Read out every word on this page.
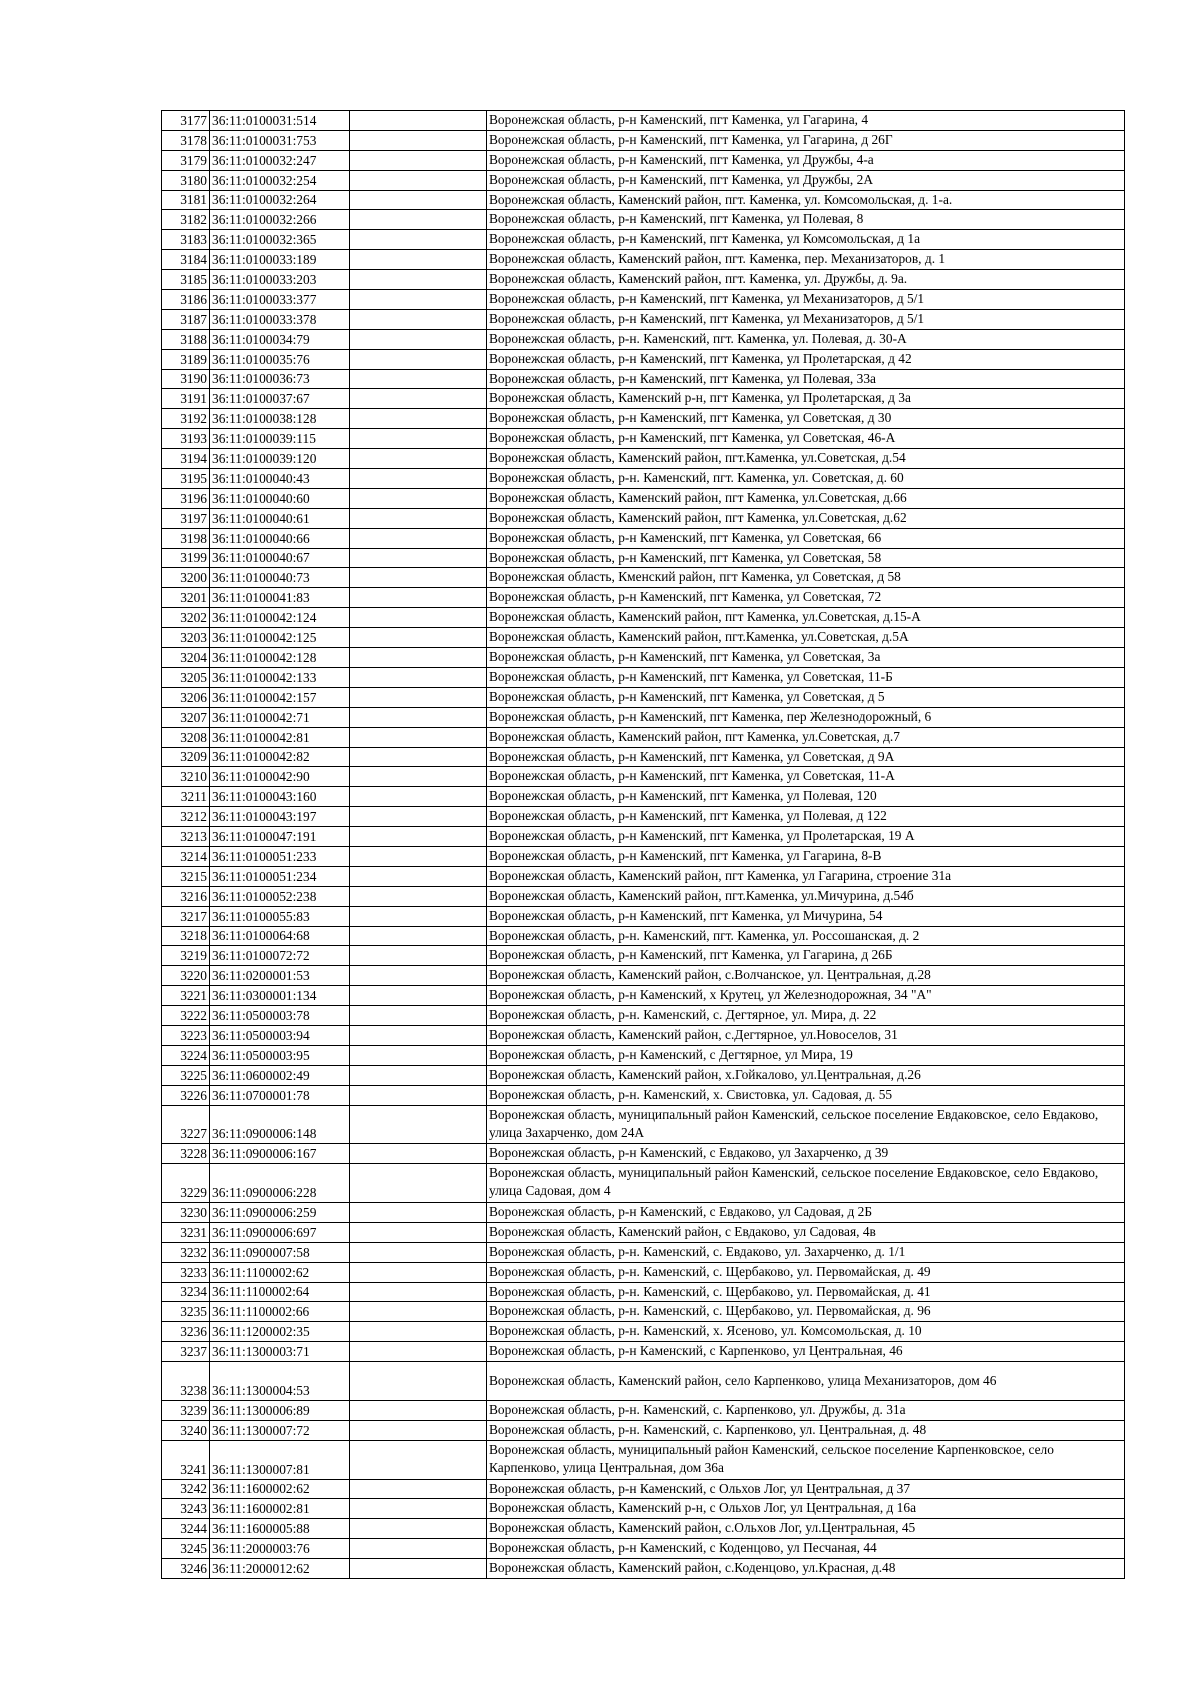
3177	36:11:0100031:514		Воронежская область, р-н Каменский, пгт Каменка, ул Гагарина, 4
3178	36:11:0100031:753		Воронежская область, р-н Каменский, пгт Каменка, ул Гагарина, д 26Г
3179	36:11:0100032:247		Воронежская область, р-н Каменский, пгт Каменка, ул Дружбы, 4-а
3180	36:11:0100032:254		Воронежская область, р-н Каменский, пгт Каменка, ул Дружбы, 2А
3181	36:11:0100032:264		Воронежская область, Каменский район, пгт. Каменка, ул. Комсомольская, д. 1-а.
3182	36:11:0100032:266		Воронежская область, р-н Каменский, пгт Каменка, ул Полевая, 8
3183	36:11:0100032:365		Воронежская область, р-н Каменский, пгт Каменка, ул Комсомольская, д 1а
3184	36:11:0100033:189		Воронежская область, Каменский район, пгт. Каменка, пер. Механизаторов, д. 1
3185	36:11:0100033:203		Воронежская область, Каменский район, пгт. Каменка, ул. Дружбы, д. 9а.
3186	36:11:0100033:377		Воронежская область, р-н Каменский, пгт Каменка, ул Механизаторов, д 5/1
3187	36:11:0100033:378		Воронежская область, р-н Каменский, пгт Каменка, ул Механизаторов, д 5/1
3188	36:11:0100034:79		Воронежская область, р-н. Каменский, пгт. Каменка, ул. Полевая, д. 30-А
3189	36:11:0100035:76		Воронежская область, р-н Каменский, пгт Каменка, ул Пролетарская, д 42
3190	36:11:0100036:73		Воронежская область, р-н Каменский, пгт Каменка, ул Полевая, 33а
3191	36:11:0100037:67		Воронежская область, Каменский р-н, пгт Каменка, ул Пролетарская, д 3а
3192	36:11:0100038:128		Воронежская область, р-н Каменский, пгт Каменка, ул Советская, д 30
3193	36:11:0100039:115		Воронежская область, р-н Каменский, пгт Каменка, ул Советская, 46-А
3194	36:11:0100039:120		Воронежская область, Каменский район, пгт.Каменка, ул.Советская, д.54
3195	36:11:0100040:43		Воронежская область, р-н. Каменский, пгт. Каменка, ул. Советская, д. 60
3196	36:11:0100040:60		Воронежская область, Каменский район, пгт Каменка, ул.Советская, д.66
3197	36:11:0100040:61		Воронежская область, Каменский район, пгт Каменка, ул.Советская, д.62
3198	36:11:0100040:66		Воронежская область, р-н Каменский, пгт Каменка, ул Советская, 66
3199	36:11:0100040:67		Воронежская область, р-н Каменский, пгт Каменка, ул Советская, 58
3200	36:11:0100040:73		Воронежская область, Кменский район, пгт Каменка, ул Советская, д 58
3201	36:11:0100041:83		Воронежская область, р-н Каменский, пгт Каменка, ул Советская, 72
3202	36:11:0100042:124		Воронежская область, Каменский район, пгт Каменка, ул.Советская, д.15-А
3203	36:11:0100042:125		Воронежская область, Каменский район, пгт.Каменка, ул.Советская, д.5А
3204	36:11:0100042:128		Воронежская область, р-н Каменский, пгт Каменка, ул Советская, 3а
3205	36:11:0100042:133		Воронежская область, р-н Каменский, пгт Каменка, ул Советская, 11-Б
3206	36:11:0100042:157		Воронежская область, р-н Каменский, пгт Каменка, ул Советская, д 5
3207	36:11:0100042:71		Воронежская область, р-н Каменский, пгт Каменка, пер Железнодорожный, 6
3208	36:11:0100042:81		Воронежская область, Каменский район, пгт Каменка, ул.Советская, д.7
3209	36:11:0100042:82		Воронежская область, р-н Каменский, пгт Каменка, ул Советская, д 9А
3210	36:11:0100042:90		Воронежская область, р-н Каменский, пгт Каменка, ул Советская, 11-А
3211	36:11:0100043:160		Воронежская область, р-н Каменский, пгт Каменка, ул Полевая, 120
3212	36:11:0100043:197		Воронежская область, р-н Каменский, пгт Каменка, ул Полевая, д 122
3213	36:11:0100047:191		Воронежская область, р-н Каменский, пгт Каменка, ул Пролетарская, 19 А
3214	36:11:0100051:233		Воронежская область, р-н Каменский, пгт Каменка, ул Гагарина, 8-В
3215	36:11:0100051:234		Воронежская область, Каменский район, пгт Каменка, ул Гагарина, строение 31а
3216	36:11:0100052:238		Воронежская область, Каменский район, пгт.Каменка, ул.Мичурина, д.54б
3217	36:11:0100055:83		Воронежская область, р-н Каменский, пгт Каменка, ул Мичурина, 54
3218	36:11:0100064:68		Воронежская область, р-н. Каменский, пгт. Каменка, ул. Россошанская, д. 2
3219	36:11:0100072:72		Воронежская область, р-н Каменский, пгт Каменка, ул Гагарина, д 26Б
3220	36:11:0200001:53		Воронежская область, Каменский район, с.Волчанское, ул. Центральная, д.28
3221	36:11:0300001:134		Воронежская область, р-н Каменский, х Крутец, ул Железнодорожная, 34 "А"
3222	36:11:0500003:78		Воронежская область, р-н. Каменский, с. Дегтярное, ул. Мира, д. 22
3223	36:11:0500003:94		Воронежская область, Каменский район, с.Дегтярное, ул.Новоселов, 31
3224	36:11:0500003:95		Воронежская область, р-н Каменский, с Дегтярное, ул Мира, 19
3225	36:11:0600002:49		Воронежская область, Каменский район, х.Гойкалово, ул.Центральная, д.26
3226	36:11:0700001:78		Воронежская область, р-н. Каменский, х. Свистовка, ул. Садовая, д. 55
3227	36:11:0900006:148		Воронежская область, муниципальный район Каменский, сельское поселение Евдаковское, село Евдаково, улица Захарченко, дом 24А
3228	36:11:0900006:167		Воронежская область, р-н Каменский, с Евдаково, ул Захарченко, д 39
3229	36:11:0900006:228		Воронежская область, муниципальный район Каменский, сельское поселение Евдаковское, село Евдаково, улица Садовая, дом 4
3230	36:11:0900006:259		Воронежская область, р-н Каменский, с Евдаково, ул Садовая, д 2Б
3231	36:11:0900006:697		Воронежская область, Каменский район, с Евдаково, ул Садовая, 4в
3232	36:11:0900007:58		Воронежская область, р-н. Каменский, с. Евдаково, ул. Захарченко, д. 1/1
3233	36:11:1100002:62		Воронежская область, р-н. Каменский, с. Щербаково, ул. Первомайская, д. 49
3234	36:11:1100002:64		Воронежская область, р-н. Каменский, с. Щербаково, ул. Первомайская, д. 41
3235	36:11:1100002:66		Воронежская область, р-н. Каменский, с. Щербаково, ул. Первомайская, д. 96
3236	36:11:1200002:35		Воронежская область, р-н. Каменский, х. Ясеново, ул. Комсомольская, д. 10
3237	36:11:1300003:71		Воронежская область, р-н Каменский, с Карпенково, ул Центральная, 46
3238	36:11:1300004:53		Воронежская область, Каменский район, село Карпенково, улица Механизаторов, дом 46
3239	36:11:1300006:89		Воронежская область, р-н. Каменский, с. Карпенково, ул. Дружбы, д. 31а
3240	36:11:1300007:72		Воронежская область, р-н. Каменский, с. Карпенково, ул. Центральная, д. 48
3241	36:11:1300007:81		Воронежская область, муниципальный район Каменский, сельское поселение Карпенковское, село Карпенково, улица Центральная, дом 36а
3242	36:11:1600002:62		Воронежская область, р-н Каменский, с Ольхов Лог, ул Центральная, д 37
3243	36:11:1600002:81		Воронежская область, Каменский р-н, с Ольхов Лог, ул Центральная, д 16а
3244	36:11:1600005:88		Воронежская область, Каменский район, с.Ольхов Лог, ул.Центральная, 45
3245	36:11:2000003:76		Воронежская область, р-н Каменский, с Коденцово, ул Песчаная, 44
3246	36:11:2000012:62		Воронежская область, Каменский район, с.Коденцово, ул.Красная, д.48
